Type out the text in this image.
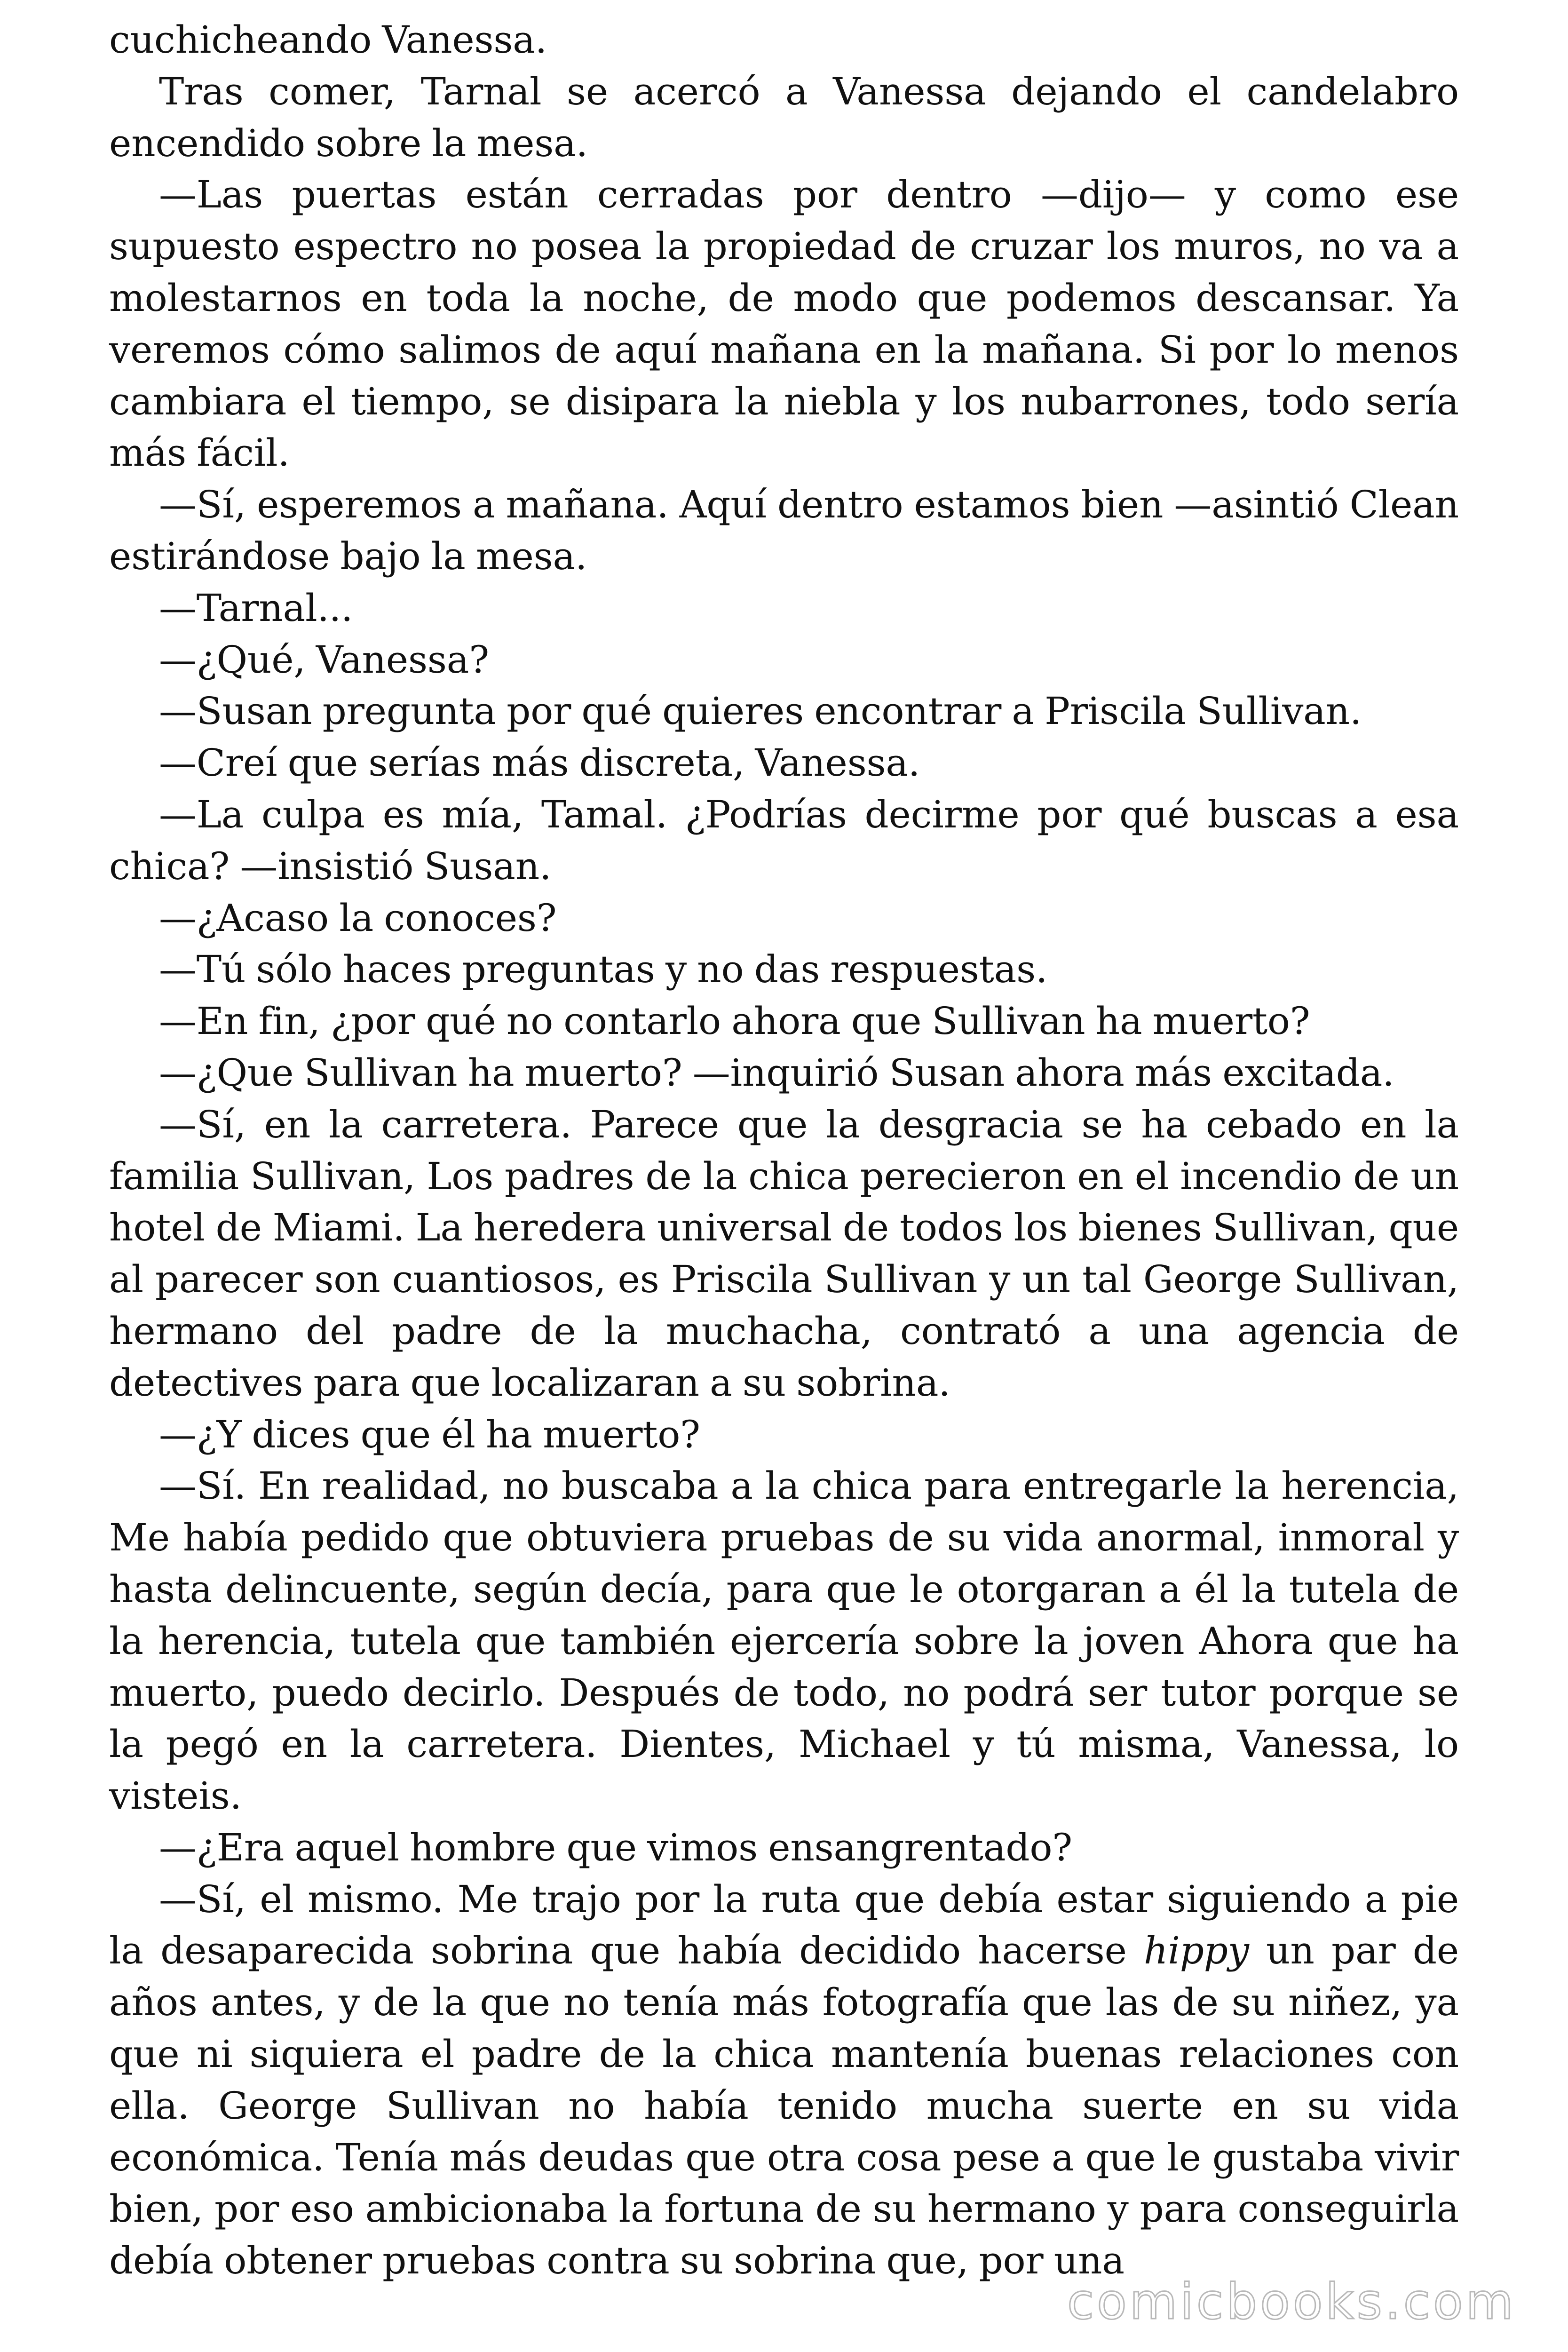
cuchicheando Vanessa.

Tras comer, Tarnal se acercó a Vanessa dejando el candelabro encendido sobre la mesa.

—Las puertas están cerradas por dentro —dijo— y como ese supuesto espectro no posea la propiedad de cruzar los muros, no va a molestarnos en toda la noche, de modo que podemos descansar. Ya veremos cómo salimos de aquí mañana en la mañana. Si por lo menos cambiara el tiempo, se disipara la niebla y los nubarrones, todo sería más fácil.

—Sí, esperemos a mañana. Aquí dentro estamos bien —asintió Clean estirándose bajo la mesa.

—Tarnal...

—¿Qué, Vanessa?

—Susan pregunta por qué quieres encontrar a Priscila Sullivan.

—Creí que serías más discreta, Vanessa.

—La culpa es mía, Tamal. ¿Podrías decirme por qué buscas a esa chica? —insistió Susan.

—¿Acaso la conoces?

—Tú sólo haces preguntas y no das respuestas.

—En fin, ¿por qué no contarlo ahora que Sullivan ha muerto?

—¿Que Sullivan ha muerto? —inquirió Susan ahora más excitada.

—Sí, en la carretera. Parece que la desgracia se ha cebado en la familia Sullivan, Los padres de la chica perecieron en el incendio de un hotel de Miami. La heredera universal de todos los bienes Sullivan, que al parecer son cuantiosos, es Priscila Sullivan y un tal George Sullivan, hermano del padre de la muchacha, contrató a una agencia de detectives para que localizaran a su sobrina.

—¿Y dices que él ha muerto?

—Sí. En realidad, no buscaba a la chica para entregarle la herencia, Me había pedido que obtuviera pruebas de su vida anormal, inmoral y hasta delincuente, según decía, para que le otorgaran a él la tutela de la herencia, tutela que también ejercería sobre la joven Ahora que ha muerto, puedo decirlo. Después de todo, no podrá ser tutor porque se la pegó en la carretera. Dientes, Michael y tú misma, Vanessa, lo visteis.

—¿Era aquel hombre que vimos ensangrentado?

—Sí, el mismo. Me trajo por la ruta que debía estar siguiendo a pie la desaparecida sobrina que había decidido hacerse hippy un par de años antes, y de la que no tenía más fotografía que las de su niñez, ya que ni siquiera el padre de la chica mantenía buenas relaciones con ella. George Sullivan no había tenido mucha suerte en su vida económica. Tenía más deudas que otra cosa pese a que le gustaba vivir bien, por eso ambicionaba la fortuna de su hermano y para conseguirla debía obtener pruebas contra su sobrina que, por una

comicbooks.com
